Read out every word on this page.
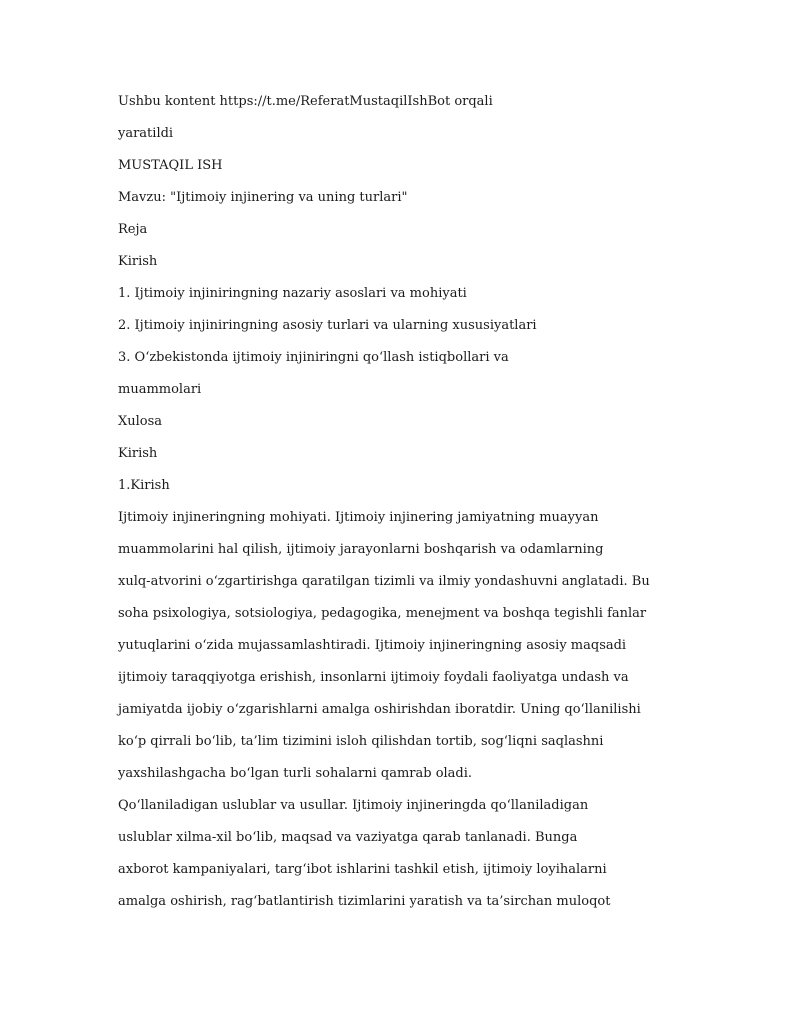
Ushbu kontent https://t.me/ReferatMustaqilIshBot orqali

yaratildi

MUSTAQIL ISH

Mavzu: "Ijtimoiy injinering va uning turlari"

Reja

Kirish

1. Ijtimoiy injiniringning nazariy asoslari va mohiyati

2. Ijtimoiy injiniringning asosiy turlari va ularning xususiyatlari

3. O‘zbekistonda ijtimoiy injiniringni qo‘llash istiqbollari va

muammolari

Xulosa

Kirish

1.Kirish

Ijtimoiy injineringning mohiyati. Ijtimoiy injinering jamiyatning muayyan

muammolarini hal qilish, ijtimoiy jarayonlarni boshqarish va odamlarning

xulq-atvorini o‘zgartirishga qaratilgan tizimli va ilmiy yondashuvni anglatadi. Bu

soha psixologiya, sotsiologiya, pedagogika, menejment va boshqa tegishli fanlar

yutuqlarini o‘zida mujassamlashtiradi. Ijtimoiy injineringning asosiy maqsadi

ijtimoiy taraqqiyotga erishish, insonlarni ijtimoiy foydali faoliyatga undash va

jamiyatda ijobiy o‘zgarishlarni amalga oshirishdan iboratdir. Uning qo‘llanilishi

ko‘p qirrali bo‘lib, ta’lim tizimini isloh qilishdan tortib, sog‘liqni saqlashni

yaxshilashgacha bo‘lgan turli sohalarni qamrab oladi.

Qo‘llaniladigan uslublar va usullar. Ijtimoiy injineringda qo‘llaniladigan

uslublar xilma-xil bo‘lib, maqsad va vaziyatga qarab tanlanadi. Bunga

axborot kampaniyalari, targ‘ibot ishlarini tashkil etish, ijtimoiy loyihalarni

amalga oshirish, rag‘batlantirish tizimlarini yaratish va ta’sirchan muloqot
